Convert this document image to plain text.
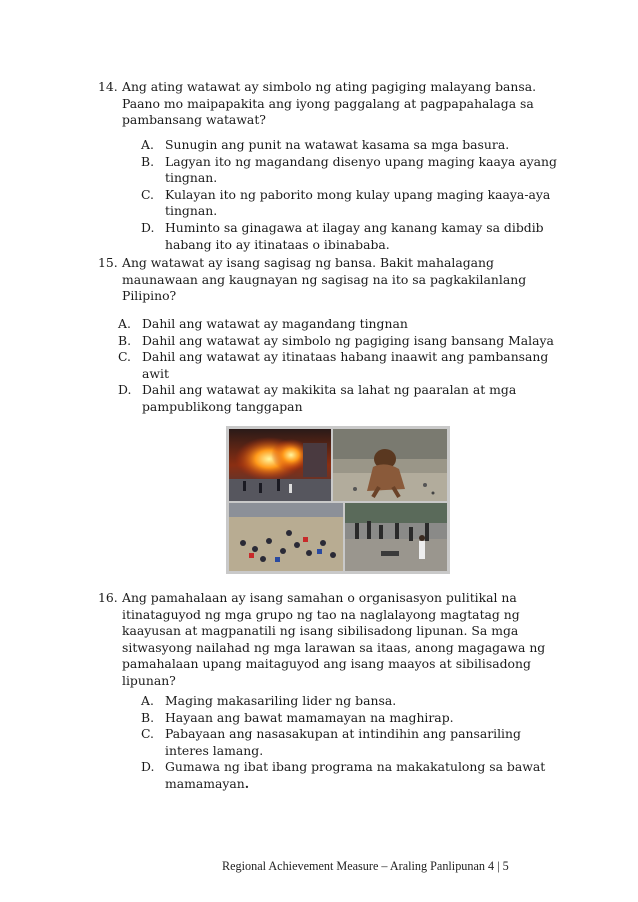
14. Ang ating watawat ay simbolo ng ating pagiging malayang bansa. Paano mo maipapakita ang iyong paggalang at pagpapahalaga sa pambansang watawat?
A. Sunugin ang punit na watawat kasama sa mga basura.
B. Lagyan ito ng magandang disenyo upang maging kaaya ayang tingnan.
C. Kulayan ito ng paborito mong kulay upang maging kaaya-aya tingnan.
D. Huminto sa ginagawa at ilagay ang kanang kamay sa dibdib habang ito ay itinataas o ibinababa.
15. Ang watawat ay isang sagisag ng bansa. Bakit mahalagang maunawaan ang kaugnayan ng sagisag na ito sa pagkakilanlang Pilipino?
A. Dahil ang watawat ay magandang tingnan
B. Dahil ang watawat ay simbolo ng pagiging isang bansang Malaya
C. Dahil ang watawat ay itinataas habang inaawit ang pambansang awit
D. Dahil ang watawat ay makikita sa lahat ng paaralan at mga pampublikong tanggapan
16. Ang pamahalaan ay isang samahan o organisasyon pulitikal na itinataguyod ng mga grupo ng tao na naglalayong magtatag ng kaayusan at magpanatili ng isang sibilisadong lipunan. Sa mga sitwasyong nailahad ng mga larawan sa itaas, anong magagawa ng pamahalaan upang maitaguyod ang isang maayos at sibilisadong lipunan?
A. Maging makasariling lider ng bansa.
B. Hayaan ang bawat mamamayan na maghirap.
C. Pabayaan ang nasasakupan at intindihin ang pansariling interes lamang.
D. Gumawa ng ibat ibang programa na makakatulong sa bawat mamamayan.
Regional Achievement Measure – Araling Panlipunan 4 | 5
